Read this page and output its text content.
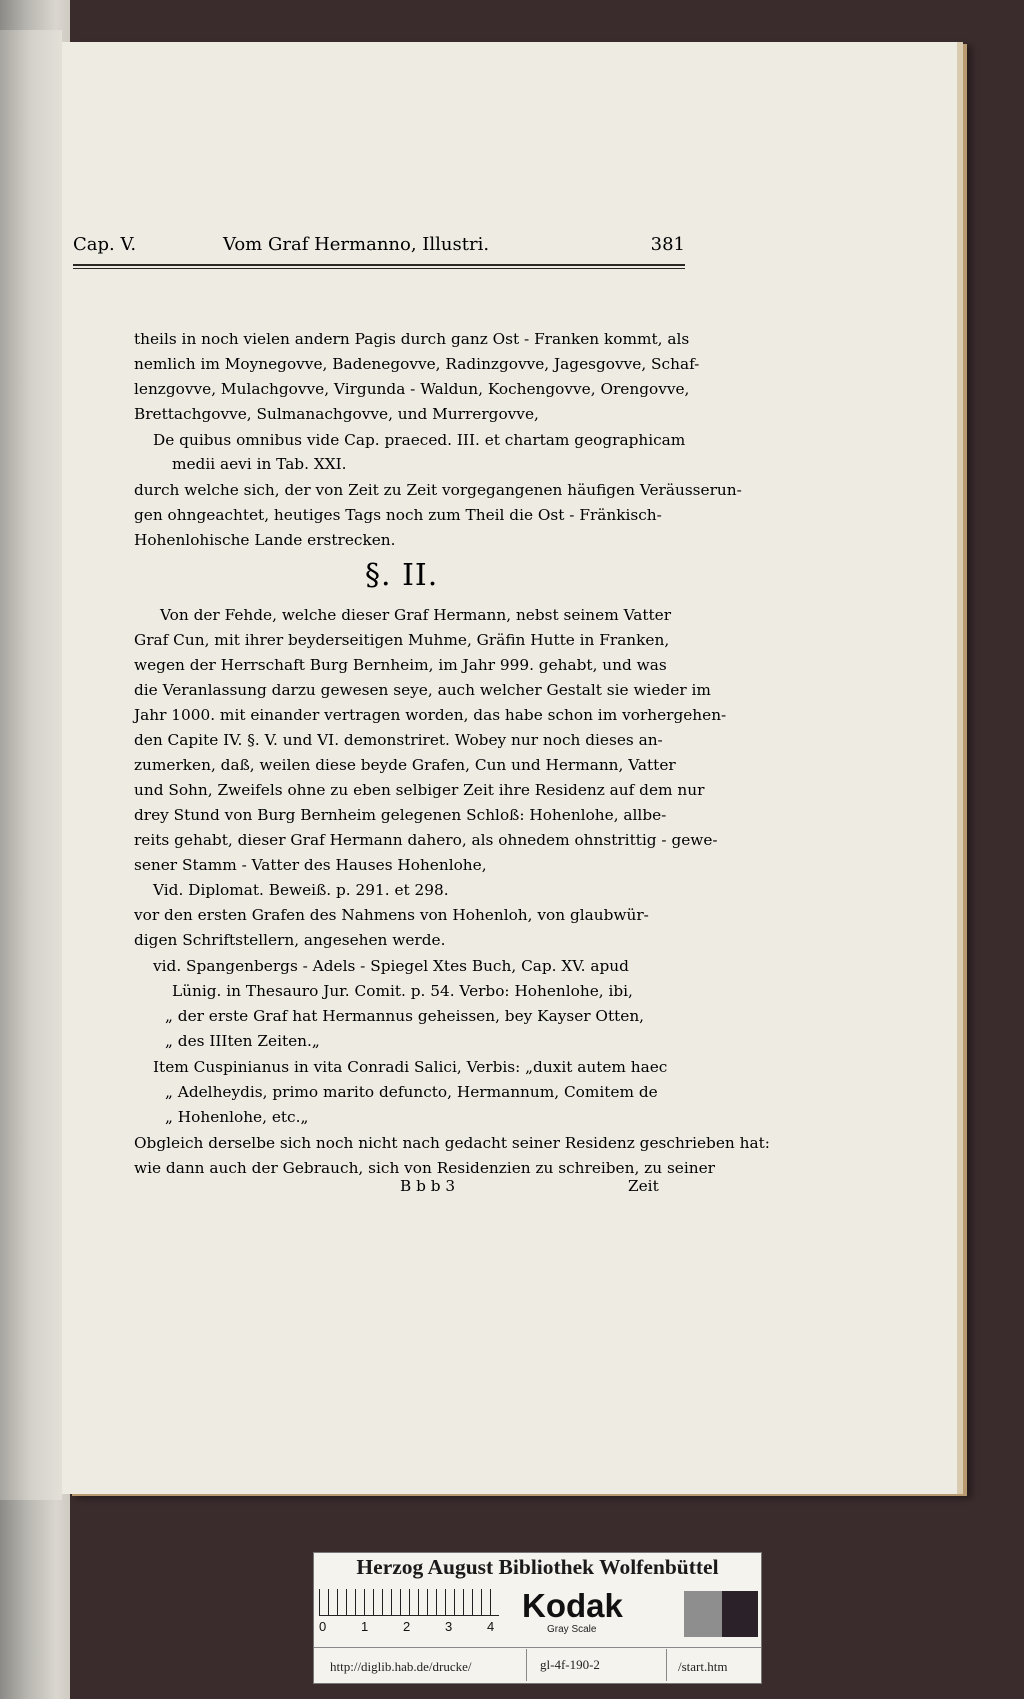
Cap. V.	Vom Graf Hermanno, Illustri.	381
theils in noch vielen andern Pagis durch ganz Ost - Franken kommt, als
nemlich im Moynegovve, Badenegovve, Radinzgovve, Jagesgovve, Schaf-
lenzgovve, Mulachgovve, Virgunda - Waldun, Kochengovve, Orengovve,
Brettachgovve, Sulmanachgovve, und Murrergovve,
De quibus omnibus vide Cap. praeced. III. et chartam geographicam
medii aevi in Tab. XXI.
durch welche sich, der von Zeit zu Zeit vorgegangenen häufigen Veräusserun-
gen ohngeachtet, heutiges Tags noch zum Theil die Ost - Fränkisch-
Hohenlohische Lande erstrecken.
§. II.
Von der Fehde, welche dieser Graf Hermann, nebst seinem Vatter
Graf Cun, mit ihrer beyderseitigen Muhme, Gräfin Hutte in Franken,
wegen der Herrschaft Burg Bernheim, im Jahr 999. gehabt, und was
die Veranlassung darzu gewesen seye, auch welcher Gestalt sie wieder im
Jahr 1000. mit einander vertragen worden, das habe schon im vorhergehen-
den Capite IV. §. V. und VI. demonstriret. Wobey nur noch dieses an-
zumerken, daß, weilen diese beyde Grafen, Cun und Hermann, Vatter
und Sohn, Zweifels ohne zu eben selbiger Zeit ihre Residenz auf dem nur
drey Stund von Burg Bernheim gelegenen Schloß: Hohenlohe, allbe-
reits gehabt, dieser Graf Hermann dahero, als ohnedem ohnstrittig - gewe-
sener Stamm - Vatter des Hauses Hohenlohe,
Vid. Diplomat. Beweiß. p. 291. et 298.
vor den ersten Grafen des Nahmens von Hohenloh, von glaubwür-
digen Schriftstellern, angesehen werde.
vid. Spangenbergs - Adels - Spiegel Xtes Buch, Cap. XV. apud
Lünig. in Thesauro Jur. Comit. p. 54. Verbo: Hohenlohe, ibi,
„ der erste Graf hat Hermannus geheissen, bey Kayser Otten,
„ des IIIten Zeiten.„
Item Cuspinianus in vita Conradi Salici, Verbis: „duxit autem haec
„ Adelheydis, primo marito defuncto, Hermannum, Comitem de
„ Hohenlohe, etc.„
Obgleich derselbe sich noch nicht nach gedacht seiner Residenz geschrieben hat:
wie dann auch der Gebrauch, sich von Residenzien zu schreiben, zu seiner
B b b 3	Zeit
Herzog August Bibliothek Wolfenbüttel
0	1	2	3	4
Kodak
Gray Scale
http://diglib.hab.de/drucke/	gl-4f-190-2	/start.htm
